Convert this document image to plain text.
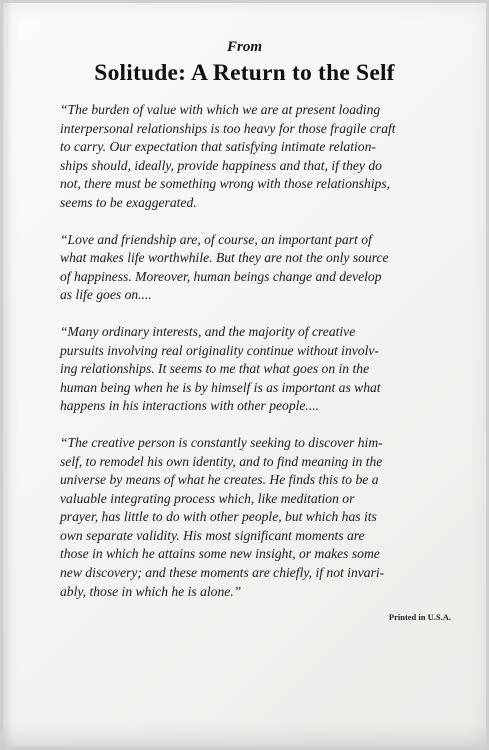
From
Solitude: A Return to the Self

“The burden of value with which we are at present loading
interpersonal relationships is too heavy for those fragile craft
to carry. Our expectation that satisfying intimate relation-
ships should, ideally, provide happiness and that, if they do
not, there must be something wrong with those relationships,
seems to be exaggerated.

“Love and friendship are, of course, an important part of
what makes life worthwhile. But they are not the only source
of happiness. Moreover, human beings change and develop
as life goes on....

“Many ordinary interests, and the majority of creative
pursuits involving real originality continue without involv-
ing relationships. It seems to me that what goes on in the
human being when he is by himself is as important as what
happens in his interactions with other people....

“The creative person is constantly seeking to discover him-
self, to remodel his own identity, and to find meaning in the
universe by means of what he creates. He finds this to be a
valuable integrating process which, like meditation or
prayer, has little to do with other people, but which has its
own separate validity. His most significant moments are
those in which he attains some new insight, or makes some
new discovery; and these moments are chiefly, if not invari-
ably, those in which he is alone.”

Printed in U.S.A.
